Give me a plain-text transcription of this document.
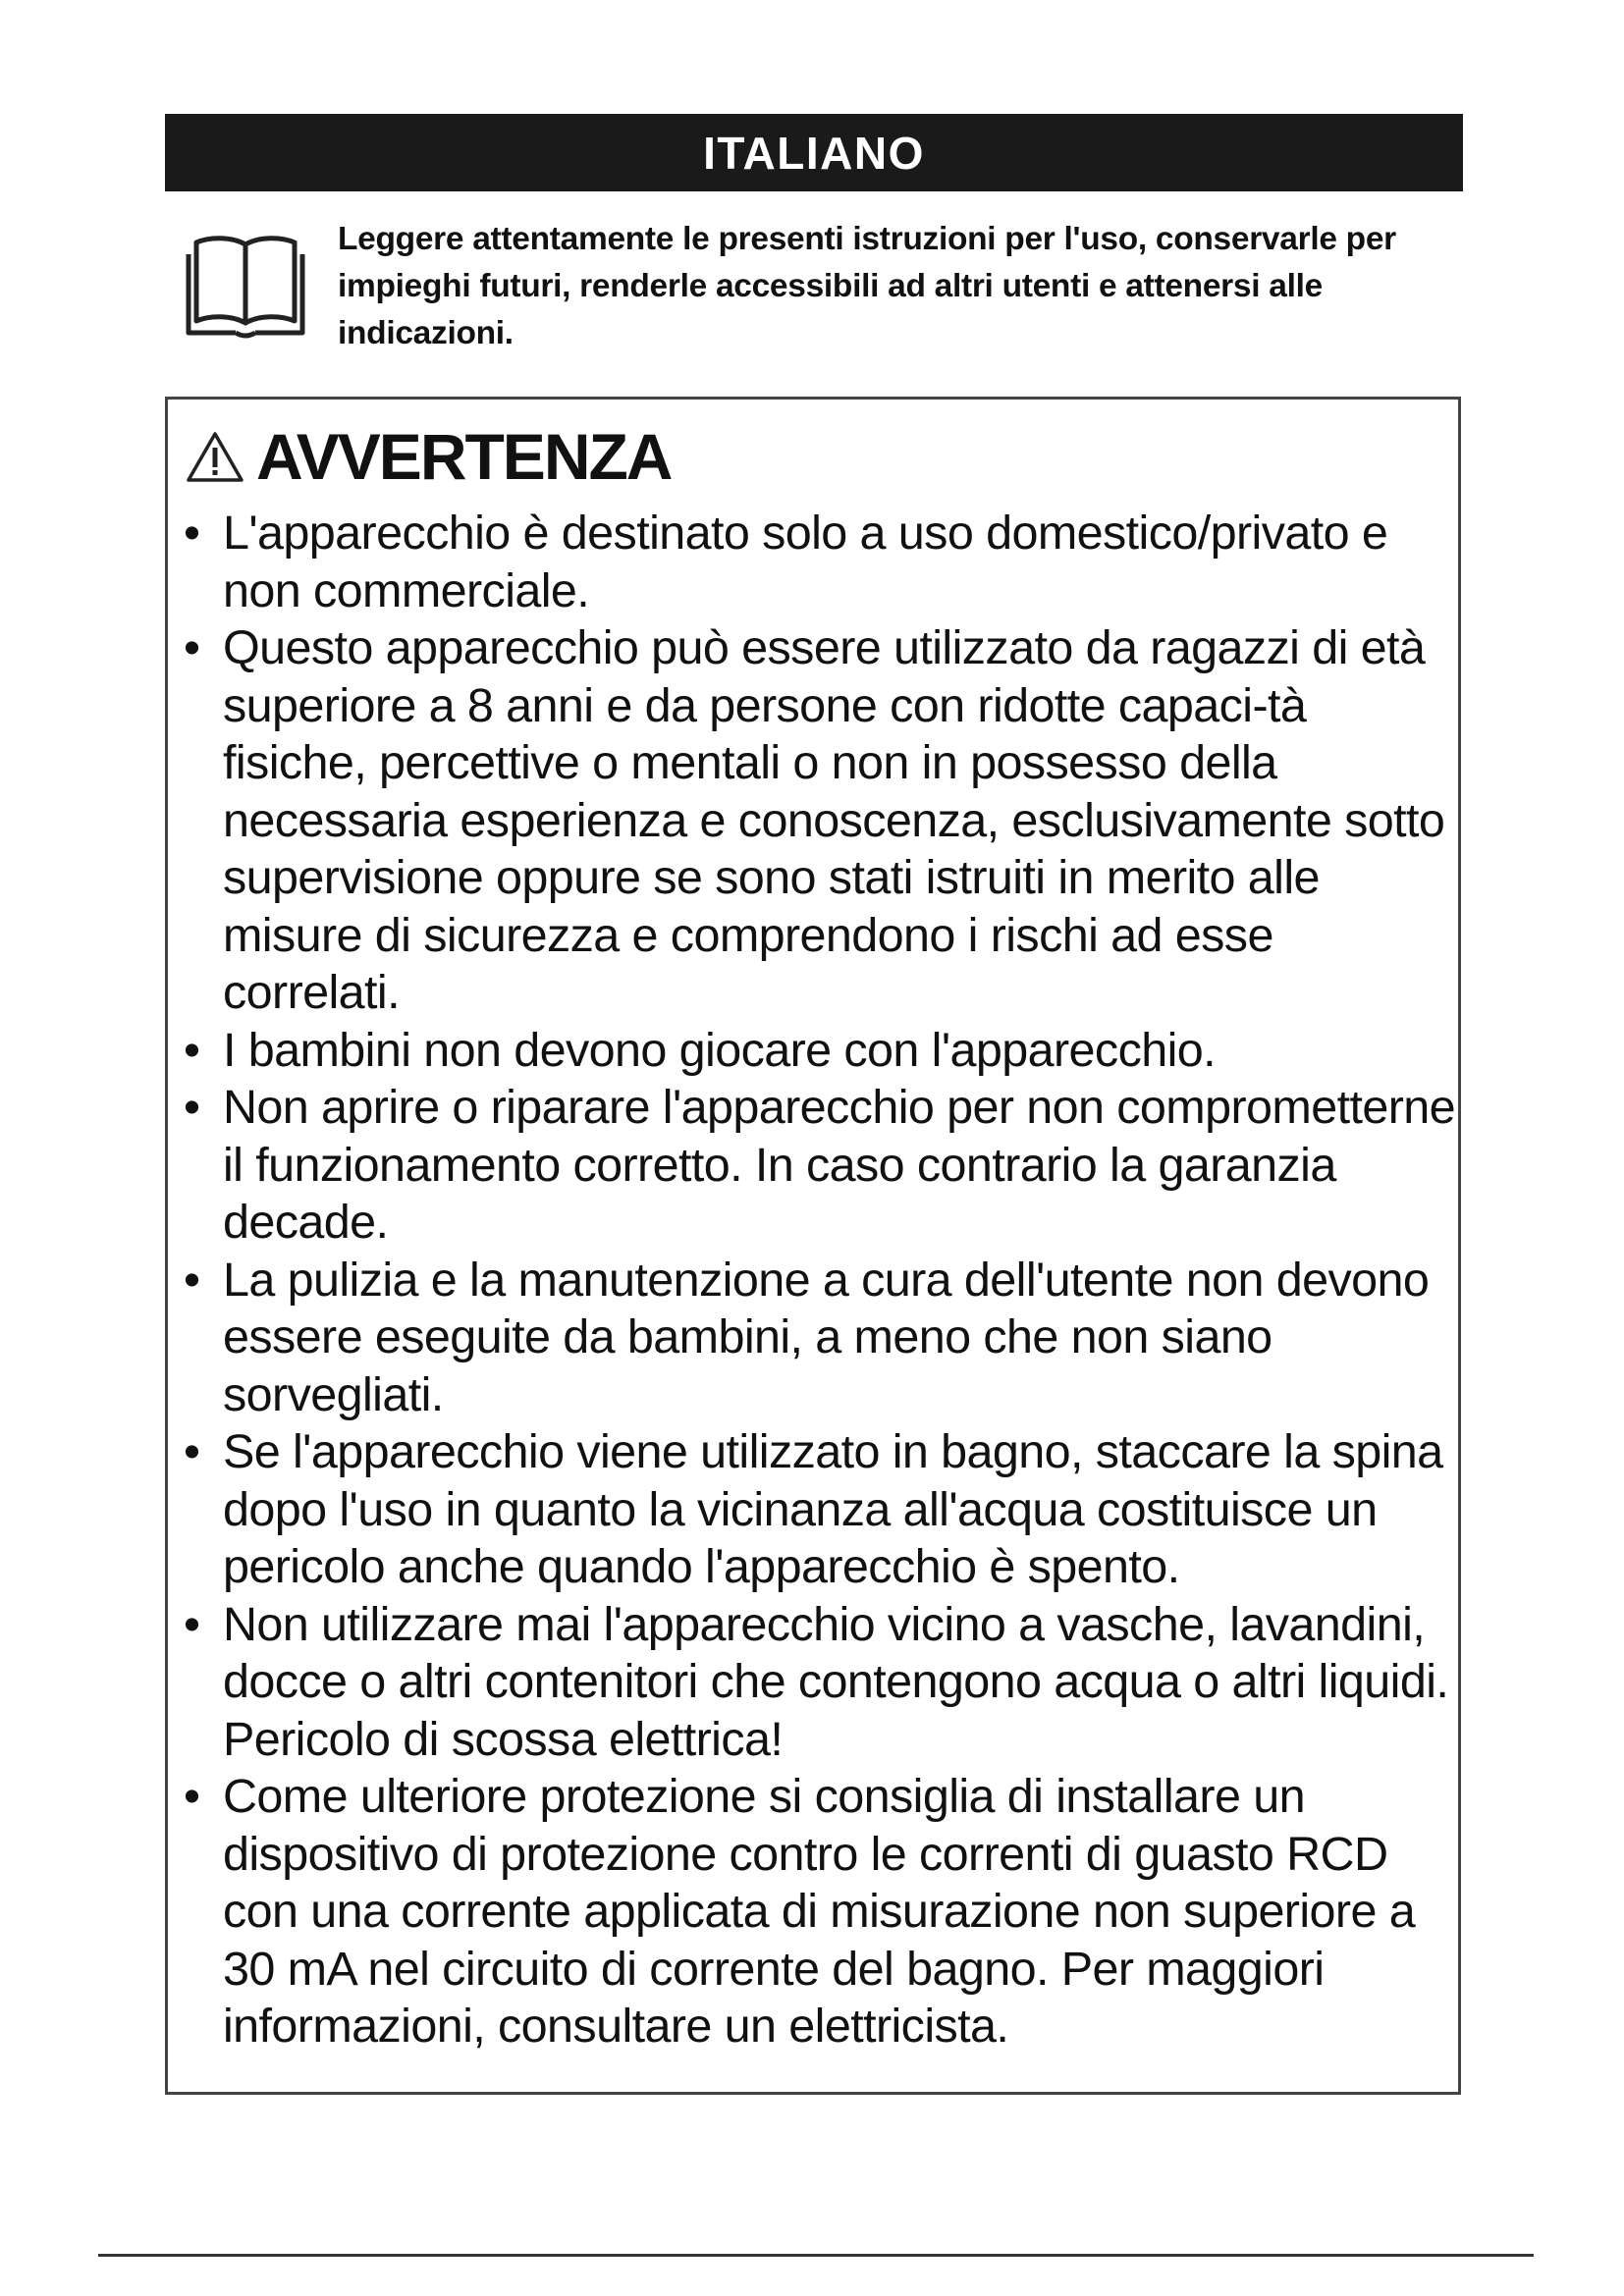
ITALIANO
Leggere attentamente le presenti istruzioni per l'uso, conservarle per impieghi futuri, renderle accessibili ad altri utenti e attenersi alle indicazioni.
AVVERTENZA
• L'apparecchio è destinato solo a uso domestico/privato e non commerciale.
• Questo apparecchio può essere utilizzato da ragazzi di età superiore a 8 anni e da persone con ridotte capaci-tà fisiche, percettive o mentali o non in possesso della necessaria esperienza e conoscenza, esclusivamente sotto supervisione oppure se sono stati istruiti in merito alle misure di sicurezza e comprendono i rischi ad esse correlati.
• I bambini non devono giocare con l'apparecchio.
• Non aprire o riparare l'apparecchio per non comprometterne il funzionamento corretto. In caso contrario la garanzia decade.
• La pulizia e la manutenzione a cura dell'utente non devono essere eseguite da bambini, a meno che non siano sorvegliati.
• Se l'apparecchio viene utilizzato in bagno, staccare la spina dopo l'uso in quanto la vicinanza all'acqua costituisce un pericolo anche quando l'apparecchio è spento.
• Non utilizzare mai l'apparecchio vicino a vasche, lavandini, docce o altri contenitori che contengono acqua o altri liquidi. Pericolo di scossa elettrica!
• Come ulteriore protezione si consiglia di installare un dispositivo di protezione contro le correnti di guasto RCD con una corrente applicata di misurazione non superiore a 30 mA nel circuito di corrente del bagno. Per maggiori informazioni, consultare un elettricista.
